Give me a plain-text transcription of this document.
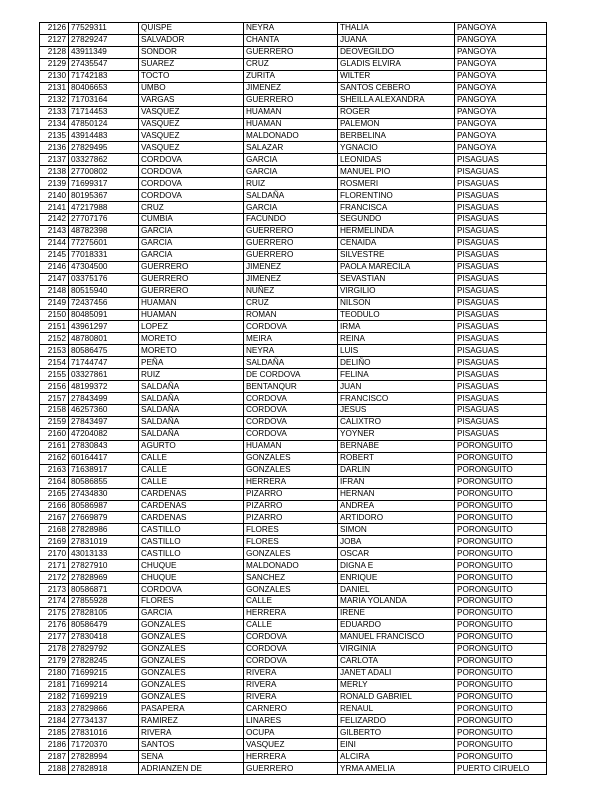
2126	77529311	QUISPE	NEYRA	THALIA	PANGOYA
2127	27829247	SALVADOR	CHANTA	JUANA	PANGOYA
2128	43911349	SONDOR	GUERRERO	DEOVEGILDO	PANGOYA
2129	27435547	SUAREZ	CRUZ	GLADIS ELVIRA	PANGOYA
2130	71742183	TOCTO	ZURITA	WILTER	PANGOYA
2131	80406653	UMBO	JIMENEZ	SANTOS CEBERO	PANGOYA
2132	71703164	VARGAS	GUERRERO	SHEILLA ALEXANDRA	PANGOYA
2133	71714453	VASQUEZ	HUAMAN	ROGER	PANGOYA
2134	47850124	VASQUEZ	HUAMAN	PALEMON	PANGOYA
2135	43914483	VASQUEZ	MALDONADO	BERBELINA	PANGOYA
2136	27829495	VASQUEZ	SALAZAR	YGNACIO	PANGOYA
2137	03327862	CORDOVA	GARCIA	LEONIDAS	PISAGUAS
2138	27700802	CORDOVA	GARCIA	MANUEL PIO	PISAGUAS
2139	71699317	CORDOVA	RUIZ	ROSMERI	PISAGUAS
2140	80195367	CORDOVA	SALDAÑA	FLORENTINO	PISAGUAS
2141	47217988	CRUZ	GARCIA	FRANCISCA	PISAGUAS
2142	27707176	CUMBIA	FACUNDO	SEGUNDO	PISAGUAS
2143	48782398	GARCIA	GUERRERO	HERMELINDA	PISAGUAS
2144	77275601	GARCIA	GUERRERO	CENAIDA	PISAGUAS
2145	77018331	GARCIA	GUERRERO	SILVESTRE	PISAGUAS
2146	47304500	GUERRERO	JIMENEZ	PAOLA MARECILA	PISAGUAS
2147	03375176	GUERRERO	JIMENEZ	SEVASTIAN	PISAGUAS
2148	80515940	GUERRERO	NUÑEZ	VIRGILIO	PISAGUAS
2149	72437456	HUAMAN	CRUZ	NILSON	PISAGUAS
2150	80485091	HUAMAN	ROMAN	TEODULO	PISAGUAS
2151	43961297	LOPEZ	CORDOVA	IRMA	PISAGUAS
2152	48780801	MORETO	MEIRA	REINA	PISAGUAS
2153	80586475	MORETO	NEYRA	LUIS	PISAGUAS
2154	71744747	PEÑA	SALDAÑA	DELIÑO	PISAGUAS
2155	03327861	RUIZ	DE CORDOVA	FELINA	PISAGUAS
2156	48199372	SALDAÑA	BENTANQUR	JUAN	PISAGUAS
2157	27843499	SALDAÑA	CORDOVA	FRANCISCO	PISAGUAS
2158	46257360	SALDAÑA	CORDOVA	JESUS	PISAGUAS
2159	27843497	SALDAÑA	CORDOVA	CALIXTRO	PISAGUAS
2160	47204082	SALDAÑA	CORDOVA	YOYNER	PISAGUAS
2161	27830843	AGURTO	HUAMAN	BERNABE	PORONGUITO
2162	60164417	CALLE	GONZALES	ROBERT	PORONGUITO
2163	71638917	CALLE	GONZALES	DARLIN	PORONGUITO
2164	80586855	CALLE	HERRERA	IFRAN	PORONGUITO
2165	27434830	CARDENAS	PIZARRO	HERNAN	PORONGUITO
2166	80586987	CARDENAS	PIZARRO	ANDREA	PORONGUITO
2167	27669879	CARDENAS	PIZARRO	ARTIDORO	PORONGUITO
2168	27828986	CASTILLO	FLORES	SIMON	PORONGUITO
2169	27831019	CASTILLO	FLORES	JOBA	PORONGUITO
2170	43013133	CASTILLO	GONZALES	OSCAR	PORONGUITO
2171	27827910	CHUQUE	MALDONADO	DIGNA E	PORONGUITO
2172	27828969	CHUQUE	SANCHEZ	ENRIQUE	PORONGUITO
2173	80586871	CORDOVA	GONZALES	DANIEL	PORONGUITO
2174	27855928	FLORES	CALLE	MARIA YOLANDA	PORONGUITO
2175	27828105	GARCIA	HERRERA	IRENE	PORONGUITO
2176	80586479	GONZALES	CALLE	EDUARDO	PORONGUITO
2177	27830418	GONZALES	CORDOVA	MANUEL FRANCISCO	PORONGUITO
2178	27829792	GONZALES	CORDOVA	VIRGINIA	PORONGUITO
2179	27828245	GONZALES	CORDOVA	CARLOTA	PORONGUITO
2180	71699215	GONZALES	RIVERA	JANET ADALI	PORONGUITO
2181	71699214	GONZALES	RIVERA	MERLY	PORONGUITO
2182	71699219	GONZALES	RIVERA	RONALD GABRIEL	PORONGUITO
2183	27829866	PASAPERA	CARNERO	RENAUL	PORONGUITO
2184	27734137	RAMIREZ	LINARES	FELIZARDO	PORONGUITO
2185	27831016	RIVERA	OCUPA	GILBERTO	PORONGUITO
2186	71720370	SANTOS	VASQUEZ	EINI	PORONGUITO
2187	27828994	SENA	HERRERA	ALCIRA	PORONGUITO
2188	27828918	ADRIANZEN DE	GUERRERO	YRMA AMELIA	PUERTO CIRUELO
